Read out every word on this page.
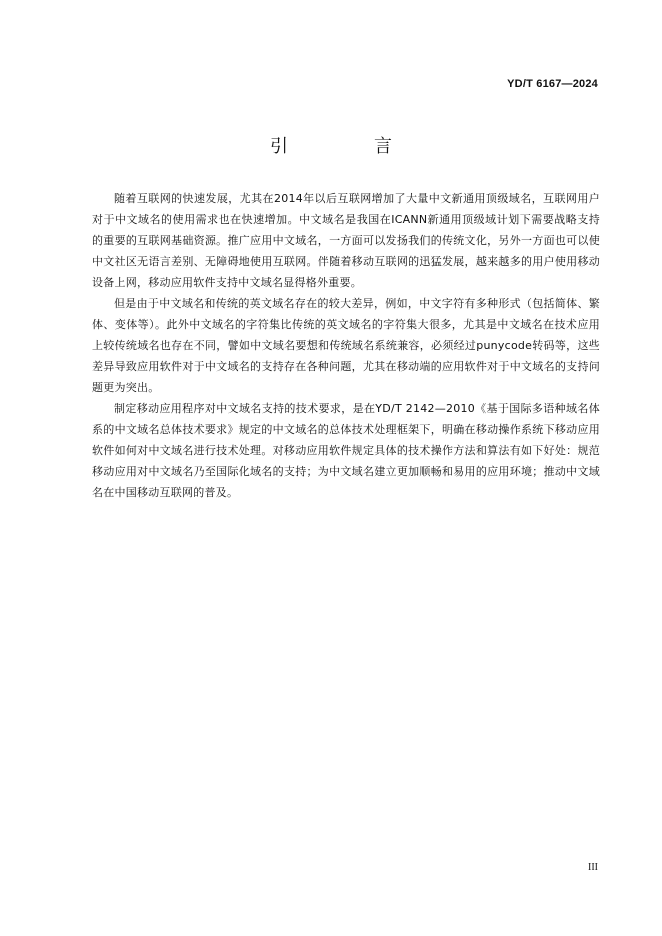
YD/T 6167—2024
引　言

随着互联网的快速发展，尤其在2014年以后互联网增加了大量中文新通用顶级域名，互联网用户对于中文域名的使用需求也在快速增加。中文域名是我国在ICANN新通用顶级域计划下需要战略支持的重要的互联网基础资源。推广应用中文域名，一方面可以发扬我们的传统文化，另外一方面也可以使中文社区无语言差别、无障碍地使用互联网。伴随着移动互联网的迅猛发展，越来越多的用户使用移动设备上网，移动应用软件支持中文域名显得格外重要。

但是由于中文域名和传统的英文域名存在的较大差异，例如，中文字符有多种形式（包括简体、繁体、变体等）。此外中文域名的字符集比传统的英文域名的字符集大很多，尤其是中文域名在技术应用上较传统域名也存在不同，譬如中文域名要想和传统域名系统兼容，必须经过punycode转码等，这些差异导致应用软件对于中文域名的支持存在各种问题，尤其在移动端的应用软件对于中文域名的支持问题更为突出。

制定移动应用程序对中文域名支持的技术要求，是在YD/T 2142—2010《基于国际多语种域名体系的中文域名总体技术要求》规定的中文域名的总体技术处理框架下，明确在移动操作系统下移动应用软件如何对中文域名进行技术处理。对移动应用软件规定具体的技术操作方法和算法有如下好处：规范移动应用对中文域名乃至国际化域名的支持；为中文域名建立更加顺畅和易用的应用环境；推动中文域名在中国移动互联网的普及。

III
